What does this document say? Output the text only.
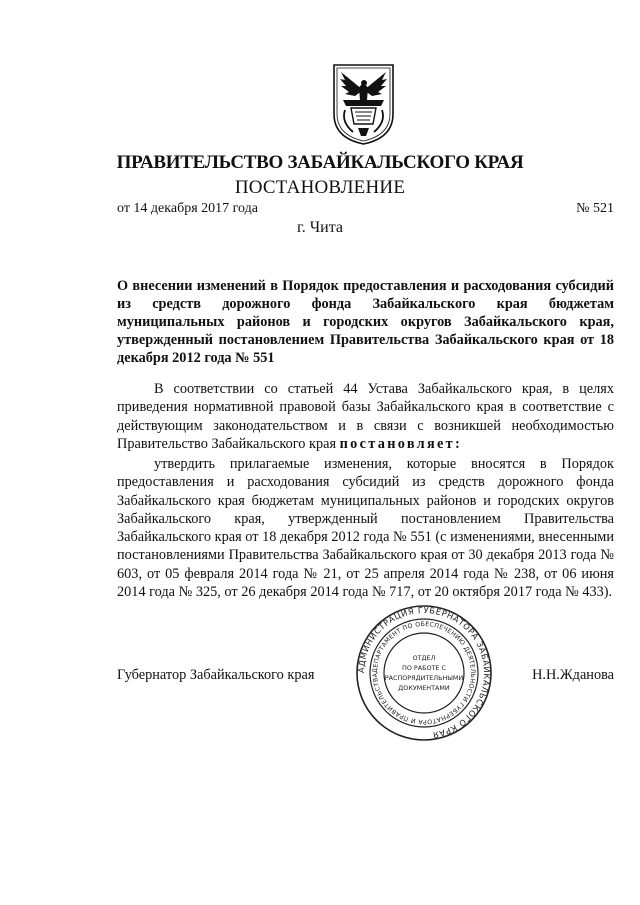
ПРАВИТЕЛЬСТВО ЗАБАЙКАЛЬСКОГО КРАЯ
ПОСТАНОВЛЕНИЕ
от 14 декабря 2017 года	№ 521
г. Чита
О внесении изменений в Порядок предоставления и расходования субсидий из средств дорожного фонда Забайкальского края бюджетам муниципальных районов и городских округов Забайкальского края, утвержденный постановлением Правительства Забайкальского края от 18 декабря 2012 года № 551

В соответствии со статьей 44 Устава Забайкальского края, в целях приведения нормативной правовой базы Забайкальского края в соответствие с действующим законодательством и в связи с возникшей необходимостью Правительство Забайкальского края постановляет:

утвердить прилагаемые изменения, которые вносятся в Порядок предоставления и расходования субсидий из средств дорожного фонда Забайкальского края бюджетам муниципальных районов и городских округов Забайкальского края, утвержденный постановлением Правительства Забайкальского края от 18 декабря 2012 года № 551 (с изменениями, внесенными постановлениями Правительства Забайкальского края от 30 декабря 2013 года № 603, от 05 февраля 2014 года № 21, от 25 апреля 2014 года № 238, от 06 июня 2014 года № 325, от 26 декабря 2014 года № 717, от 20 октября 2017 года № 433).

Губернатор Забайкальского края	Н.Н.Жданова
АДМИНИСТРАЦИЯ ГУБЕРНАТОРА ЗАБАЙКАЛЬСКОГО КРАЯ
ДЕПАРТАМЕНТ ПО ОБЕСПЕЧЕНИЮ ДЕЯТЕЛЬНОСТИ ГУБЕРНАТОРА И ПРАВИТЕЛЬСТВА
ОТДЕЛ
ПО РАБОТЕ С
РАСПОРЯДИТЕЛЬНЫМИ
ДОКУМЕНТАМИ
